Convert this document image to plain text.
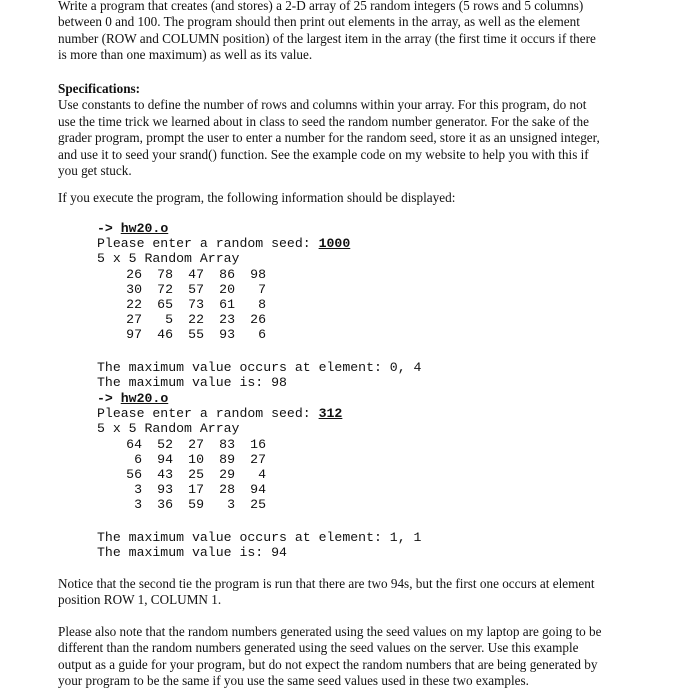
Write a program that creates (and stores) a 2-D array of 25 random integers (5 rows and 5 columns)
between 0 and 100. The program should then print out elements in the array, as well as the element
number (ROW and COLUMN position) of the largest item in the array (the first time it occurs if there
is more than one maximum) as well as its value.
Specifications:
Use constants to define the number of rows and columns within your array. For this program, do not
use the time trick we learned about in class to seed the random number generator. For the sake of the
grader program, prompt the user to enter a number for the random seed, store it as an unsigned integer,
and use it to seed your srand() function. See the example code on my website to help you with this if
you get stuck.
If you execute the program, the following information should be displayed:
-> hw20.o
Please enter a random seed: 1000
5 x 5 Random Array
26 78 47 86 98
30 72 57 20 7
22 65 73 61 8
27 5 22 23 26
97 46 55 93 6
The maximum value occurs at element: 0, 4
The maximum value is: 98
-> hw20.o
Please enter a random seed: 312
5 x 5 Random Array
64 52 27 83 16
6 94 10 89 27
56 43 25 29 4
3 93 17 28 94
3 36 59 3 25
The maximum value occurs at element: 1, 1
The maximum value is: 94
Notice that the second tie the program is run that there are two 94s, but the first one occurs at element
position ROW 1, COLUMN 1.
Please also note that the random numbers generated using the seed values on my laptop are going to be
different than the random numbers generated using the seed values on the server. Use this example
output as a guide for your program, but do not expect the random numbers that are being generated by
your program to be the same if you use the same seed values used in these two examples.
